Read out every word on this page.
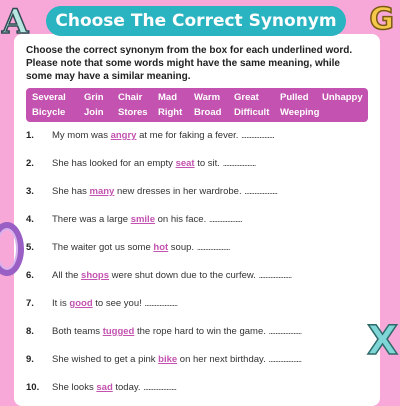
A	G
X
Choose The Correct Synonym
Choose the correct synonym from the box for each underlined word. Please note that some words might have the same meaning, while some may have a similar meaning.
Several Grin Chair Mad Warm Great Pulled Unhappy
Bicycle Join Stores Right Broad Difficult Weeping
1. My mom was angry at me for faking a fever. ....................
2. She has looked for an empty seat to sit. ....................
3. She has many new dresses in her wardrobe. ....................
4. There was a large smile on his face. ....................
5. The waiter got us some hot soup. ....................
6. All the shops were shut down due to the curfew. ....................
7. It is good to see you! ....................
8. Both teams tugged the rope hard to win the game. ....................
9. She wished to get a pink bike on her next birthday. ....................
10. She looks sad today. ....................
